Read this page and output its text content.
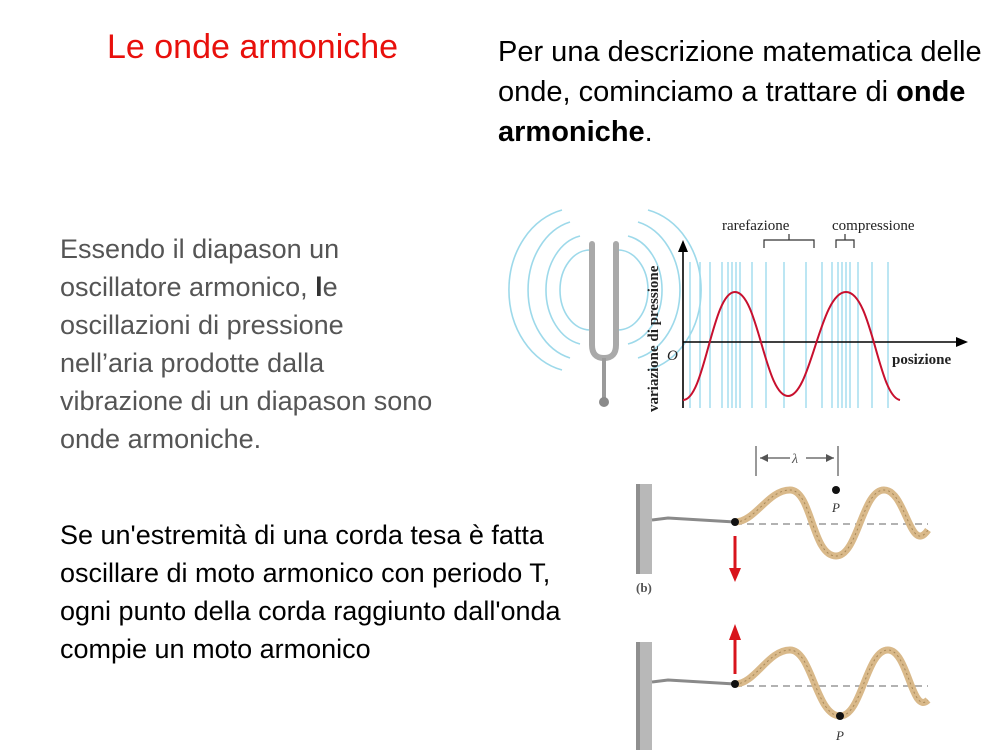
Le onde armoniche	Per una descrizione matematica delle onde, cominciamo a trattare di onde armoniche.
Essendo il diapason un oscillatore armonico, le oscillazioni di pressione nell’aria prodotte dalla vibrazione di un diapason sono onde armoniche.
Se un'estremità di una corda tesa è fatta oscillare di moto armonico con periodo T, ogni punto della corda raggiunto dall'onda compie un moto armonico
rarefazione	compressione
variazione di pressione	posizione
O
λ
P
(b)
P
